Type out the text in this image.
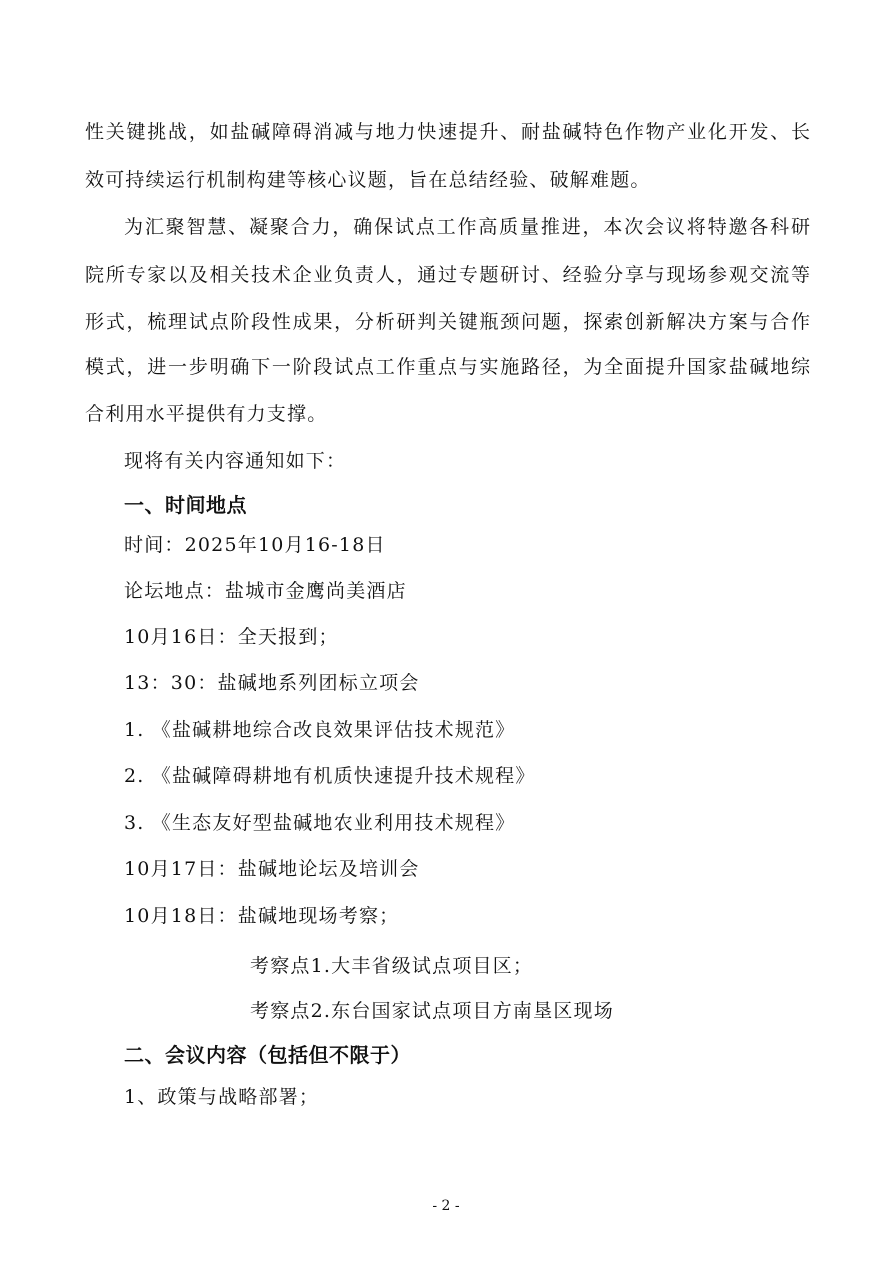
性关键挑战，如盐碱障碍消减与地力快速提升、耐盐碱特色作物产业化开发、长
效可持续运行机制构建等核心议题，旨在总结经验、破解难题。
为汇聚智慧、凝聚合力，确保试点工作高质量推进，本次会议将特邀各科研
院所专家以及相关技术企业负责人，通过专题研讨、经验分享与现场参观交流等
形式，梳理试点阶段性成果，分析研判关键瓶颈问题，探索创新解决方案与合作
模式，进一步明确下一阶段试点工作重点与实施路径，为全面提升国家盐碱地综
合利用水平提供有力支撑。
现将有关内容通知如下：
一、时间地点
时间：2025年10月16-18日
论坛地点：盐城市金鹰尚美酒店
10月16日：全天报到；
13：30：盐碱地系列团标立项会
1. 《盐碱耕地综合改良效果评估技术规范》
2. 《盐碱障碍耕地有机质快速提升技术规程》
3. 《生态友好型盐碱地农业利用技术规程》
10月17日：盐碱地论坛及培训会
10月18日：盐碱地现场考察；
考察点1.大丰省级试点项目区；
考察点2.东台国家试点项目方南垦区现场
二、会议内容（包括但不限于）
1、政策与战略部署；
- 2 -
